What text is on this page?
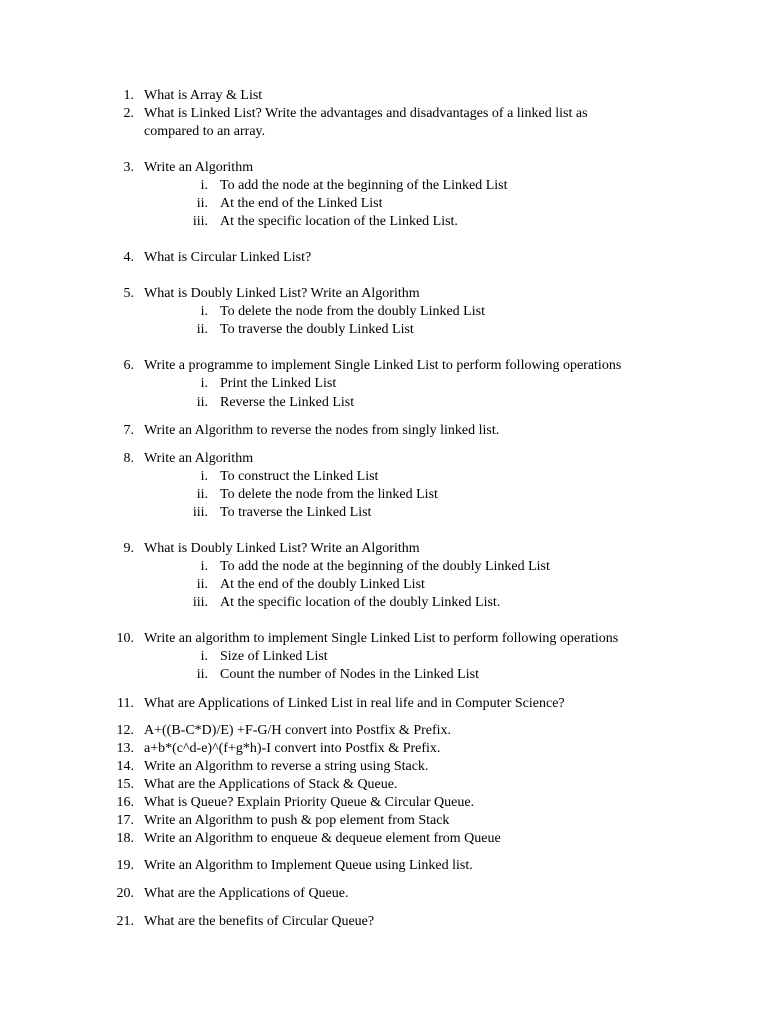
1. What is Array & List
2. What is Linked List? Write the advantages and disadvantages of a linked list as
compared to an array.
3. Write an Algorithm
i. To add the node at the beginning of the Linked List
ii. At the end of the Linked List
iii. At the specific location of the Linked List.
4. What is Circular Linked List?
5. What is Doubly Linked List? Write an Algorithm
i. To delete the node from the doubly Linked List
ii. To traverse the doubly Linked List
6. Write a programme to implement Single Linked List to perform following operations
i. Print the Linked List
ii. Reverse the Linked List
7. Write an Algorithm to reverse the nodes from singly linked list.
8. Write an Algorithm
i. To construct the Linked List
ii. To delete the node from the linked List
iii. To traverse the Linked List
9. What is Doubly Linked List? Write an Algorithm
i. To add the node at the beginning of the doubly Linked List
ii. At the end of the doubly Linked List
iii. At the specific location of the doubly Linked List.
10. Write an algorithm to implement Single Linked List to perform following operations
i. Size of Linked List
ii. Count the number of Nodes in the Linked List
11. What are Applications of Linked List in real life and in Computer Science?
12. A+((B-C*D)/E) +F-G/H convert into Postfix & Prefix.
13. a+b*(c^d-e)^(f+g*h)-I convert into Postfix & Prefix.
14. Write an Algorithm to reverse a string using Stack.
15. What are the Applications of Stack & Queue.
16. What is Queue? Explain Priority Queue & Circular Queue.
17. Write an Algorithm to push & pop element from Stack
18. Write an Algorithm to enqueue & dequeue element from Queue
19. Write an Algorithm to Implement Queue using Linked list.
20. What are the Applications of Queue.
21. What are the benefits of Circular Queue?
